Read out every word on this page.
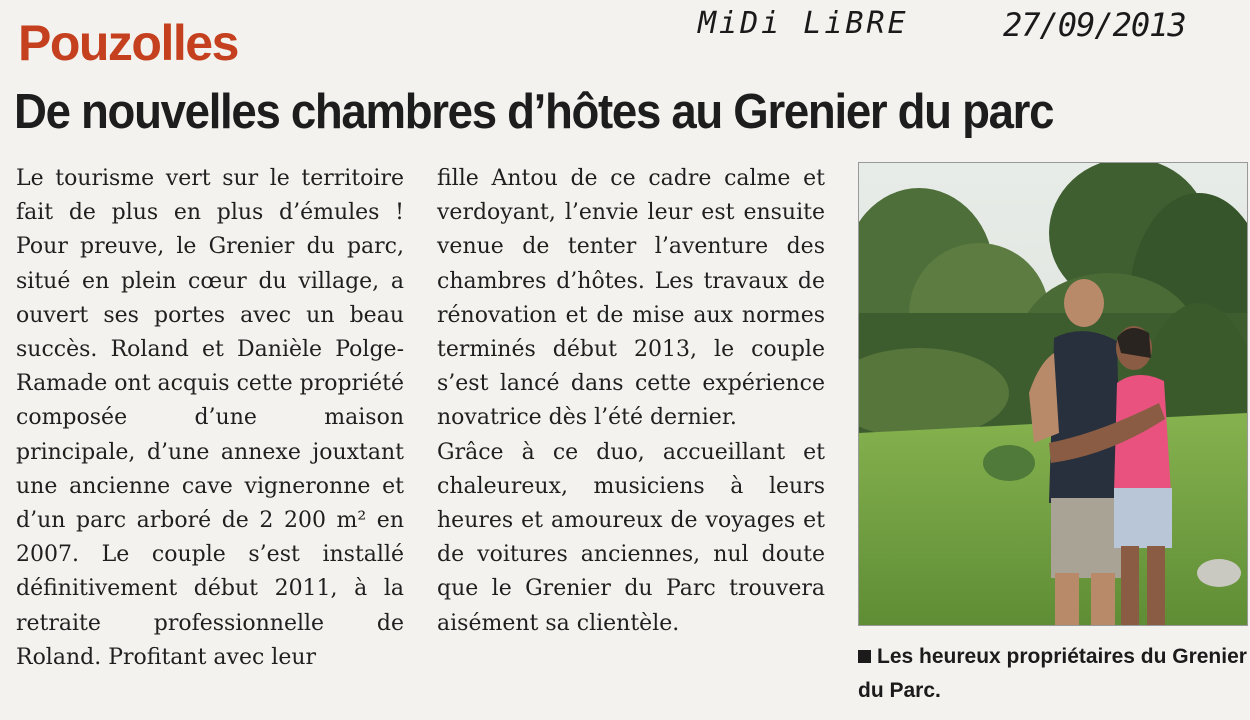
Pouzolles	MiDi LiBRE	27/09/2013
De nouvelles chambres d’hôtes au Grenier du parc

Le tourisme vert sur le territoire fait de plus en plus d’émules ! Pour preuve, le Grenier du parc, situé en plein cœur du village, a ouvert ses portes avec un beau succès. Roland et Danièle Polge-Ramade ont acquis cette propriété composée d’une maison principale, d’une annexe jouxtant une ancienne cave vigneronne et d’un parc arboré de 2 200 m² en 2007. Le couple s’est installé définitivement début 2011, à la retraite professionnelle de Roland. Profitant avec leur

fille Antou de ce cadre calme et verdoyant, l’envie leur est ensuite venue de tenter l’aventure des chambres d’hôtes. Les travaux de rénovation et de mise aux normes terminés début 2013, le couple s’est lancé dans cette expérience novatrice dès l’été dernier.

Grâce à ce duo, accueillant et chaleureux, musiciens à leurs heures et amoureux de voyages et de voitures anciennes, nul doute que le Grenier du Parc trouvera aisément sa clientèle.

Les heureux propriétaires du Grenier du Parc.
